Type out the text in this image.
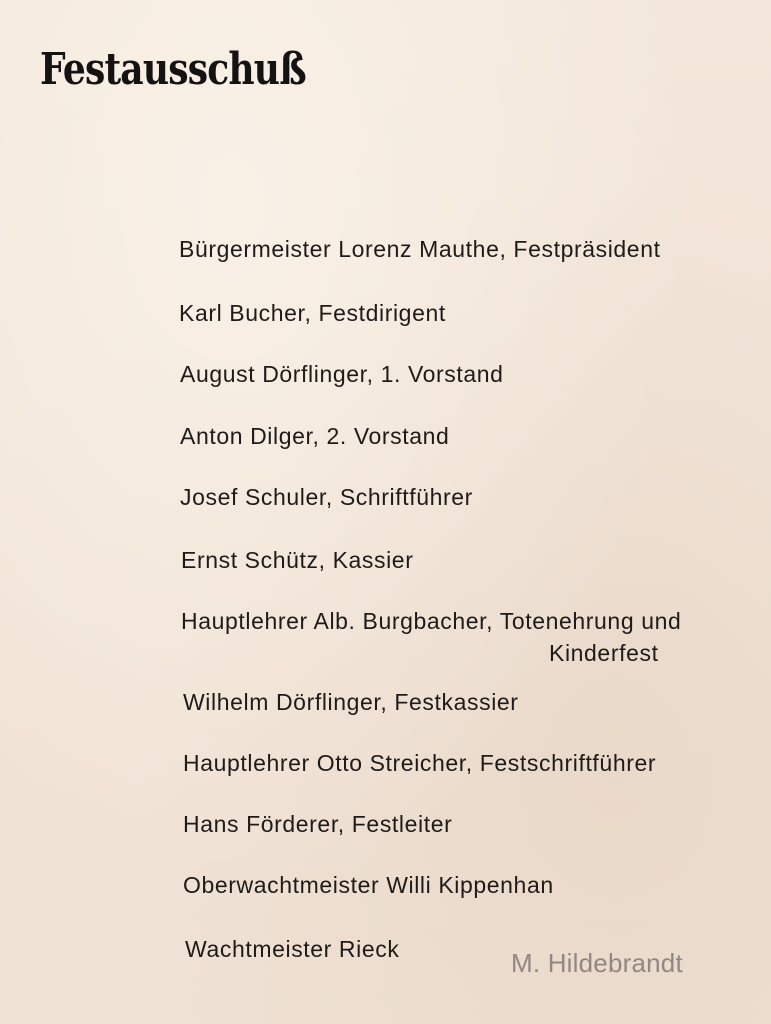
Festausschuß
Bürgermeister Lorenz Mauthe, Festpräsident
Karl Bucher, Festdirigent
August Dörflinger, 1. Vorstand
Anton Dilger, 2. Vorstand
Josef Schuler, Schriftführer
Ernst Schütz, Kassier
Hauptlehrer Alb. Burgbacher, Totenehrung und
Kinderfest
Wilhelm Dörflinger, Festkassier
Hauptlehrer Otto Streicher, Festschriftführer
Hans Förderer, Festleiter
Oberwachtmeister Willi Kippenhan
Wachtmeister Rieck	M. Hildebrandt
